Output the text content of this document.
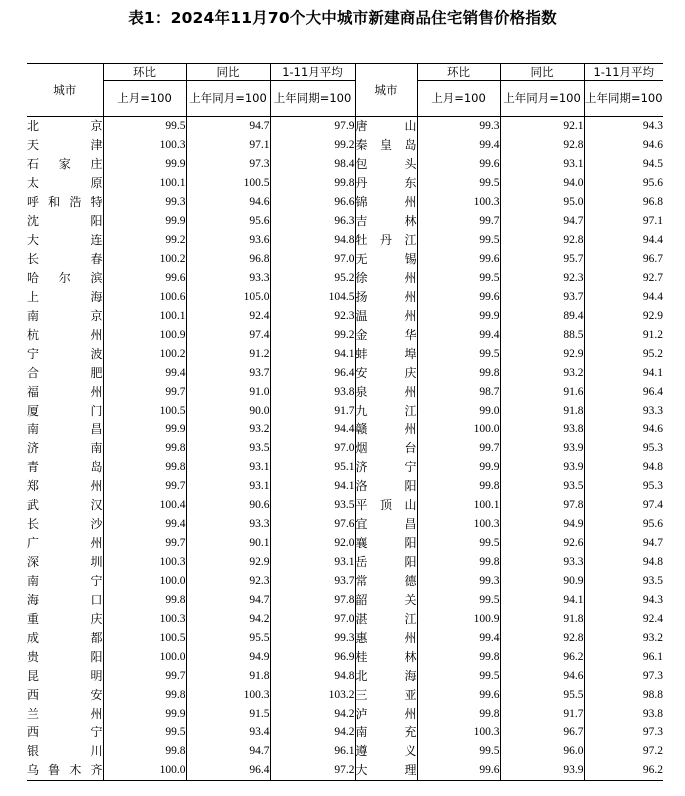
表1：2024年11月70个大中城市新建商品住宅销售价格指数
城市	环比	同比	1-11月平均	城市	环比	同比	1-11月平均
	上月=100	上年同月=100	上年同期=100		上月=100	上年同月=100	上年同期=100
北　京	99.5	94.7	97.9	唐　山	99.3	92.1	94.3
天　津	100.3	97.1	99.2	秦皇岛	99.4	92.8	94.6
石家庄	99.9	97.3	98.4	包　头	99.6	93.1	94.5
太　原	100.1	100.5	99.8	丹　东	99.5	94.0	95.6
呼和浩特	99.3	94.6	96.6	锦　州	100.3	95.0	96.8
沈　阳	99.9	95.6	96.3	吉　林	99.7	94.7	97.1
大　连	99.2	93.6	94.8	牡丹江	99.5	92.8	94.4
长　春	100.2	96.8	97.0	无　锡	99.6	95.7	96.7
哈尔滨	99.6	93.3	95.2	徐　州	99.5	92.3	92.7
上　海	100.6	105.0	104.5	扬　州	99.6	93.7	94.4
南　京	100.1	92.4	92.3	温　州	99.9	89.4	92.9
杭　州	100.9	97.4	99.2	金　华	99.4	88.5	91.2
宁　波	100.2	91.2	94.1	蚌　埠	99.5	92.9	95.2
合　肥	99.4	93.7	96.4	安　庆	99.8	93.2	94.1
福　州	99.7	91.0	93.8	泉　州	98.7	91.6	96.4
厦　门	100.5	90.0	91.7	九　江	99.0	91.8	93.3
南　昌	99.9	93.2	94.4	赣　州	100.0	93.8	94.6
济　南	99.8	93.5	97.0	烟　台	99.7	93.9	95.3
青　岛	99.8	93.1	95.1	济　宁	99.9	93.9	94.8
郑　州	99.7	93.1	94.1	洛　阳	99.8	93.5	95.3
武　汉	100.4	90.6	93.5	平顶山	100.1	97.8	97.4
长　沙	99.4	93.3	97.6	宜　昌	100.3	94.9	95.6
广　州	99.7	90.1	92.0	襄　阳	99.5	92.6	94.7
深　圳	100.3	92.9	93.1	岳　阳	99.8	93.3	94.8
南　宁	100.0	92.3	93.7	常　德	99.3	90.9	93.5
海　口	99.8	94.7	97.8	韶　关	99.5	94.1	94.3
重　庆	100.3	94.2	97.0	湛　江	100.9	91.8	92.4
成　都	100.5	95.5	99.3	惠　州	99.4	92.8	93.2
贵　阳	100.0	94.9	96.9	桂　林	99.8	96.2	96.1
昆　明	99.7	91.8	94.8	北　海	99.5	94.6	97.3
西　安	99.8	100.3	103.2	三　亚	99.6	95.5	98.8
兰　州	99.9	91.5	94.2	泸　州	99.8	91.7	93.8
西　宁	99.5	93.4	94.2	南　充	100.3	96.7	97.3
银　川	99.8	94.7	96.1	遵　义	99.5	96.0	97.2
乌鲁木齐	100.0	96.4	97.2	大　理	99.6	93.9	96.2
